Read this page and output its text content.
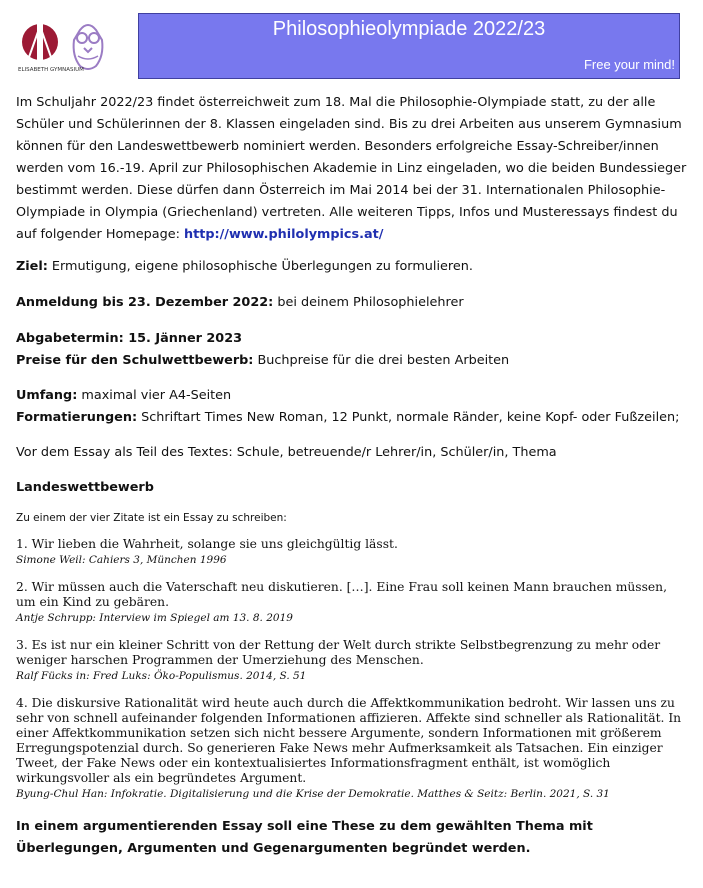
ELISABETH GYMNASIUM
Philosophieolympiade 2022/23
Free your mind!

Im Schuljahr 2022/23 findet österreichweit zum 18. Mal die Philosophie-Olympiade statt, zu der alle Schüler und Schülerinnen der 8. Klassen eingeladen sind. Bis zu drei Arbeiten aus unserem Gymnasium können für den Landeswettbewerb nominiert werden. Besonders erfolgreiche Essay-Schreiber/innen werden vom 16.-19. April zur Philosophischen Akademie in Linz eingeladen, wo die beiden Bundessieger bestimmt werden. Diese dürfen dann Österreich im Mai 2014 bei der 31. Internationalen Philosophie-Olympiade in Olympia (Griechenland) vertreten. Alle weiteren Tipps, Infos und Musteressays findest du auf folgender Homepage: http://www.philolympics.at/

Ziel: Ermutigung, eigene philosophische Überlegungen zu formulieren.

Anmeldung bis 23. Dezember 2022: bei deinem Philosophielehrer

Abgabetermin: 15. Jänner 2023

Preise für den Schulwettbewerb: Buchpreise für die drei besten Arbeiten

Umfang: maximal vier A4-Seiten

Formatierungen: Schriftart Times New Roman, 12 Punkt, normale Ränder, keine Kopf- oder Fußzeilen;

Vor dem Essay als Teil des Textes: Schule, betreuende/r Lehrer/in, Schüler/in, Thema

Landeswettbewerb

Zu einem der vier Zitate ist ein Essay zu schreiben:

1. Wir lieben die Wahrheit, solange sie uns gleichgültig lässt.

Simone Weil: Cahiers 3, München 1996

2. Wir müssen auch die Vaterschaft neu diskutieren. […]. Eine Frau soll keinen Mann brauchen müssen, um ein Kind zu gebären.

Antje Schrupp: Interview im Spiegel am 13. 8. 2019

3. Es ist nur ein kleiner Schritt von der Rettung der Welt durch strikte Selbstbegrenzung zu mehr oder weniger harschen Programmen der Umerziehung des Menschen.

Ralf Fücks in: Fred Luks: Öko-Populismus. 2014, S. 51

4. Die diskursive Rationalität wird heute auch durch die Affektkommunikation bedroht. Wir lassen uns zu sehr von schnell aufeinander folgenden Informationen affizieren. Affekte sind schneller als Rationalität. In einer Affektkommunikation setzen sich nicht bessere Argumente, sondern Informationen mit größerem Erregungspotenzial durch. So generieren Fake News mehr Aufmerksamkeit als Tatsachen. Ein einziger Tweet, der Fake News oder ein kontextualisiertes Informationsfragment enthält, ist womöglich wirkungsvoller als ein begründetes Argument.

Byung-Chul Han: Infokratie. Digitalisierung und die Krise der Demokratie. Matthes & Seitz: Berlin. 2021, S. 31

In einem argumentierenden Essay soll eine These zu dem gewählten Thema mit Überlegungen, Argumenten und Gegenargumenten begründet werden.
